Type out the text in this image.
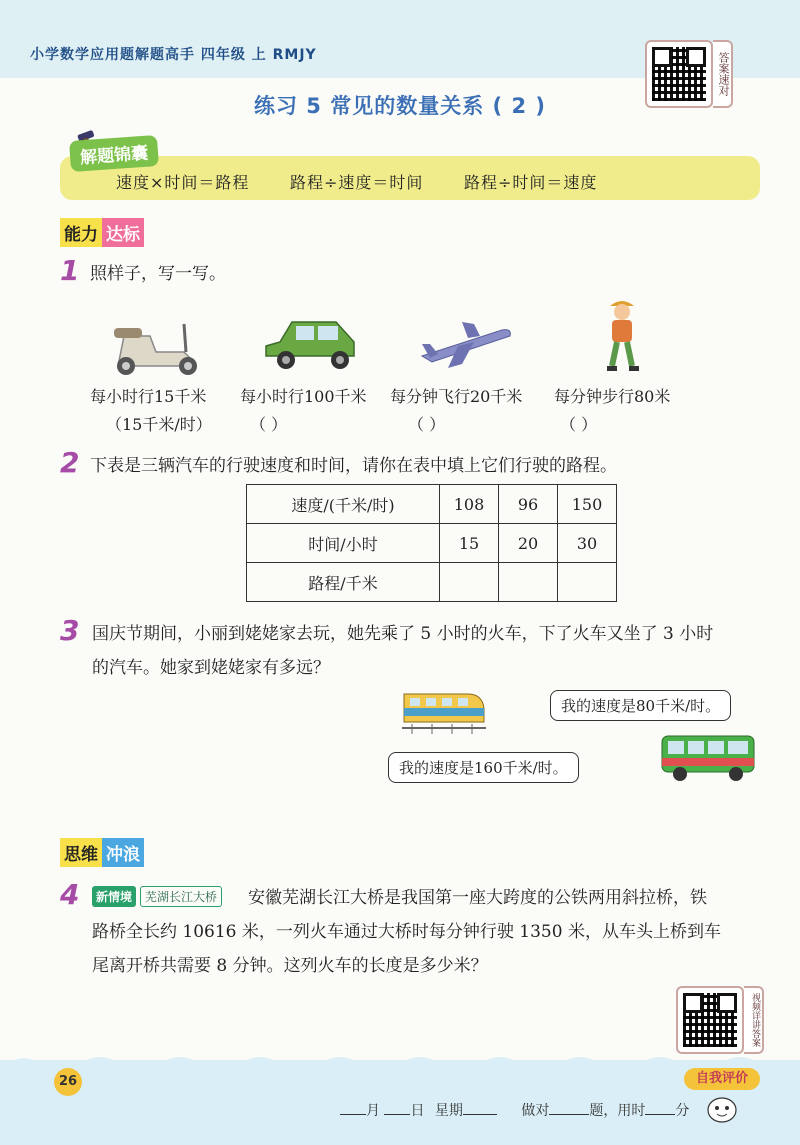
小学数学应用题解题高手 四年级 上 RMJY	答案速对
练习 5 常见的数量关系 ( 2 )
解题锦囊
速度×时间＝路程	路程÷速度＝时间	路程÷时间＝速度
能力 达标
1 照样子，写一写。
每小时行15千米 每小时行100千米 每分钟飞行20千米 每分钟步行80米
（15千米/时） （ ）	（ ）	（ ）
2 下表是三辆汽车的行驶速度和时间，请你在表中填上它们行驶的路程。
速度/(千米/时)	108	96	150
时间/小时	15	20	30
路程/千米			
3 国庆节期间，小丽到姥姥家去玩，她先乘了 5 小时的火车，下了火车又坐了 3 小时
的汽车。她家到姥姥家有多远？
我的速度是160千米/时。
我的速度是80千米/时。
思维 冲浪
4	新情境	芜湖长江大桥 安徽芜湖长江大桥是我国第一座大跨度的公铁两用斜拉桥，铁
路桥全长约 10616 米，一列火车通过大桥时每分钟行驶 1350 米，从车头上桥到车
尾离开桥共需要 8 分钟。这列火车的长度是多少米？
视频详讲答案
26
月 日 星期	做对	题，用时 分
自我评价
